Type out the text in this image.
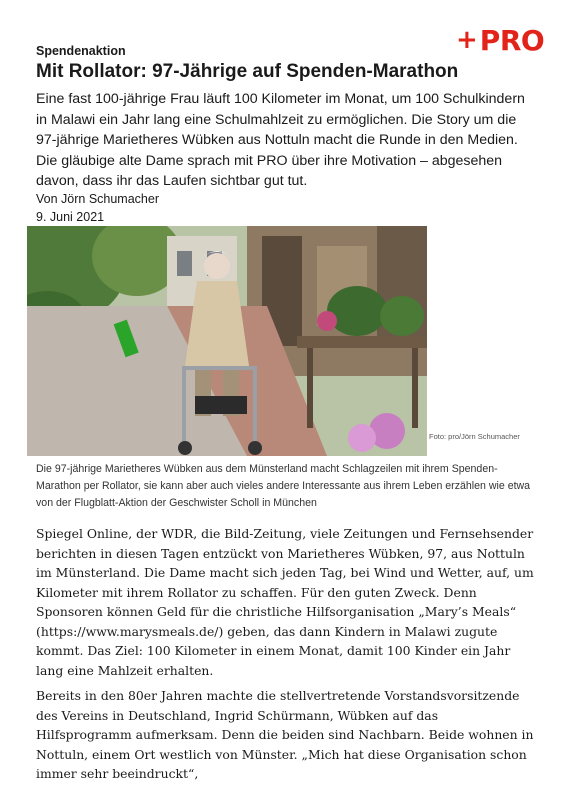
+ PRO
Spendenaktion
Mit Rollator: 97-Jährige auf Spenden-Marathon

Eine fast 100-jährige Frau läuft 100 Kilometer im Monat, um 100 Schulkindern in Malawi ein Jahr lang eine Schulmahlzeit zu ermöglichen. Die Story um die 97-jährige Marietheres Wübken aus Nottuln macht die Runde in den Medien. Die gläubige alte Dame sprach mit PRO über ihre Motivation – abgesehen davon, dass ihr das Laufen sichtbar gut tut.

Von Jörn Schumacher
9. Juni 2021
Foto: pro/Jörn Schumacher

Die 97-jährige Marietheres Wübken aus dem Münsterland macht Schlagzeilen mit ihrem Spenden-Marathon per Rollator, sie kann aber auch vieles andere Interessante aus ihrem Leben erzählen wie etwa von der Flugblatt-Aktion der Geschwister Scholl in München

Spiegel Online, der WDR, die Bild-Zeitung, viele Zeitungen und Fernsehsender berichten in diesen Tagen entzückt von Marietheres Wübken, 97, aus Nottuln im Münsterland. Die Dame macht sich jeden Tag, bei Wind und Wetter, auf, um Kilometer mit ihrem Rollator zu schaffen. Für den guten Zweck. Denn Sponsoren können Geld für die christliche Hilfsorganisation „Mary’s Meals“ (https://www.marysmeals.de/) geben, das dann Kindern in Malawi zugute kommt. Das Ziel: 100 Kilometer in einem Monat, damit 100 Kinder ein Jahr lang eine Mahlzeit erhalten.

Bereits in den 80er Jahren machte die stellvertretende Vorstandsvorsitzende des Vereins in Deutschland, Ingrid Schürmann, Wübken auf das Hilfsprogramm aufmerksam. Denn die beiden sind Nachbarn. Beide wohnen in Nottuln, einem Ort westlich von Münster. „Mich hat diese Organisation schon immer sehr beeindruckt“,
